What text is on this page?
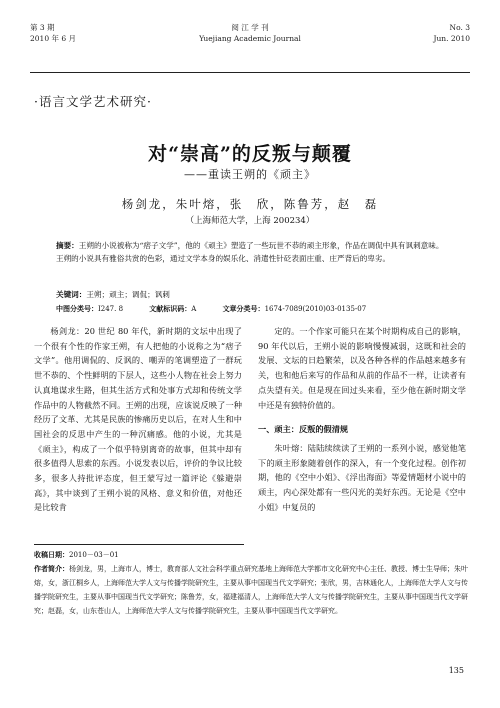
第 3 期
2010 年 6 月
阅 江 学 刊
Yuejiang Academic Journal
No. 3
Jun. 2010
·语言文学艺术研究·
对“崇高”的反叛与颠覆
——重读王朔的《顽主》
杨剑龙，朱叶熔，张　欣，陈鲁芳，赵　磊
（上海师范大学，上海 200234）
摘要：王朔的小说被称为“痞子文学”，他的《顽主》塑造了一些玩世不恭的顽主形象，作品在调侃中具有讽刺意味。王朔的小说具有雅俗共赏的色彩，通过文学本身的娱乐化、消遣性针砭表面庄重、庄严背后的卑劣。
关键词：王朔；顽主；调侃；讽刺
中图分类号：I247. 8	文献标识码：A	文章分类号：1674-7089(2010)03-0135-07

杨剑龙：20 世纪 80 年代，新时期的文坛中出现了一个很有个性的作家王朔，有人把他的小说称之为“痞子文学”。他用调侃的、反讽的、嘲弄的笔调塑造了一群玩世不恭的、个性鲜明的下层人，这些小人物在社会上努力认真地谋求生路，但其生活方式和处事方式却和传统文学作品中的人物截然不同。王朔的出现，应该说反映了一种经历了文革、尤其是民族的惨痛历史以后，在对人生和中国社会的反思中产生的一种沉痛感。他的小说，尤其是《顽主》，构成了一个似乎特别离奇的故事，但其中却有很多值得人思索的东西。小说发表以后，评价的争议比较多，很多人持批评态度，但王蒙写过一篇评论《躲避崇高》，其中谈到了王朔小说的风格、意义和价值，对他还是比较肯

定的。一个作家可能只在某个时期构成自己的影响，90 年代以后，王朔小说的影响慢慢减弱，这既和社会的发展、文坛的日趋繁荣，以及各种各样的作品越来越多有关，也和他后来写的作品和从前的作品不一样，让读者有点失望有关。但是现在回过头来看，至少他在新时期文学中还是有独特价值的。

一、顽主：反叛的假清规

朱叶熔：陆陆续续读了王朔的一系列小说，感觉他笔下的顽主形象随着创作的深入，有一个变化过程。创作初期，他的《空中小姐》、《浮出海面》等爱情题材小说中的顽主，内心深处都有一些闪光的美好东西。无论是《空中小姐》中复员的

收稿日期：2010－03－01
作者简介：杨剑龙，男，上海市人，博士，教育部人文社会科学重点研究基地上海师范大学都市文化研究中心主任、教授、博士生导师；朱叶熔，女，浙江桐乡人，上海师范大学人文与传播学院研究生，主要从事中国现当代文学研究；张欣，男，吉林通化人，上海师范大学人文与传播学院研究生，主要从事中国现当代文学研究；陈鲁芳，女，福建福清人，上海师范大学人文与传播学院研究生，主要从事中国现当代文学研究；赵磊，女，山东苍山人，上海师范大学人文与传播学院研究生，主要从事中国现当代文学研究。
135
